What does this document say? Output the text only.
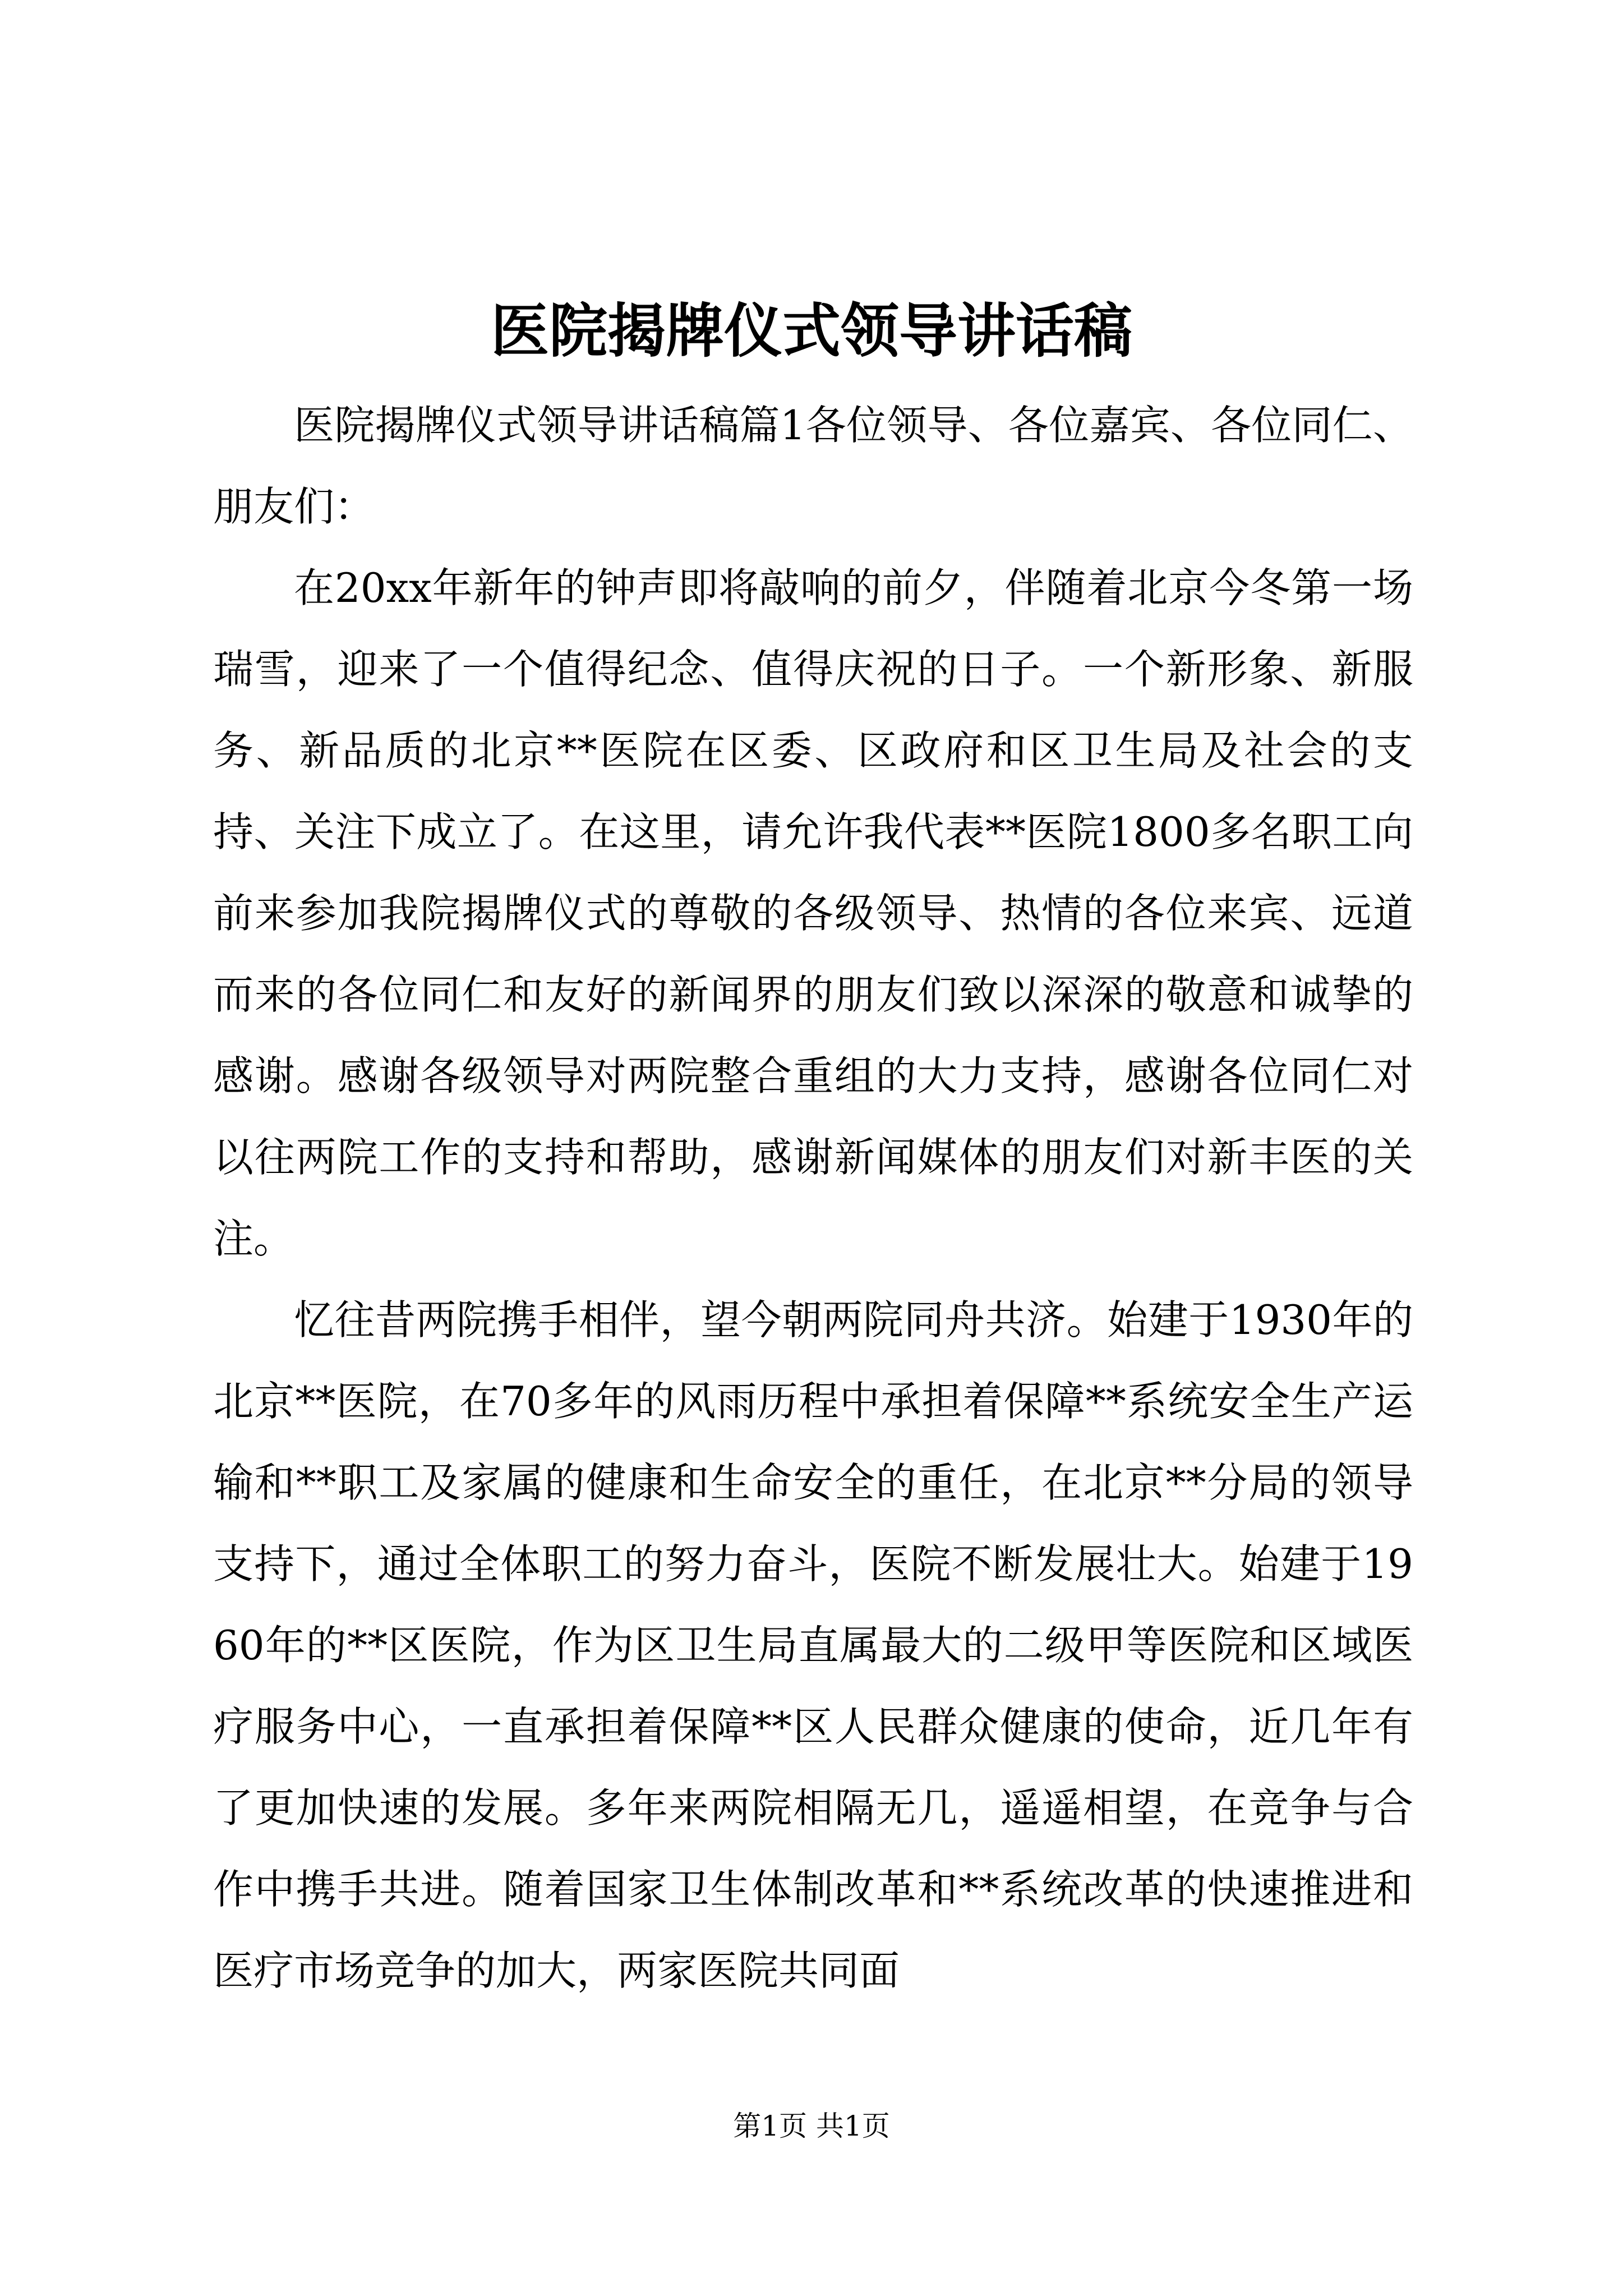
医院揭牌仪式领导讲话稿

医院揭牌仪式领导讲话稿篇1各位领导、各位嘉宾、各位同仁、朋友们：

在20xx年新年的钟声即将敲响的前夕，伴随着北京今冬第一场瑞雪，迎来了一个值得纪念、值得庆祝的日子。一个新形象、新服务、新品质的北京**医院在区委、区政府和区卫生局及社会的支持、关注下成立了。在这里，请允许我代表**医院1800多名职工向前来参加我院揭牌仪式的尊敬的各级领导、热情的各位来宾、远道而来的各位同仁和友好的新闻界的朋友们致以深深的敬意和诚挚的感谢。感谢各级领导对两院整合重组的大力支持，感谢各位同仁对以往两院工作的支持和帮助，感谢新闻媒体的朋友们对新丰医的关注。

忆往昔两院携手相伴，望今朝两院同舟共济。始建于1930年的北京**医院，在70多年的风雨历程中承担着保障**系统安全生产运输和**职工及家属的健康和生命安全的重任，在北京**分局的领导支持下，通过全体职工的努力奋斗，医院不断发展壮大。始建于1960年的**区医院，作为区卫生局直属最大的二级甲等医院和区域医疗服务中心，一直承担着保障**区人民群众健康的使命，近几年有了更加快速的发展。多年来两院相隔无几，遥遥相望，在竞争与合作中携手共进。随着国家卫生体制改革和**系统改革的快速推进和医疗市场竞争的加大，两家医院共同面

第1页 共1页
